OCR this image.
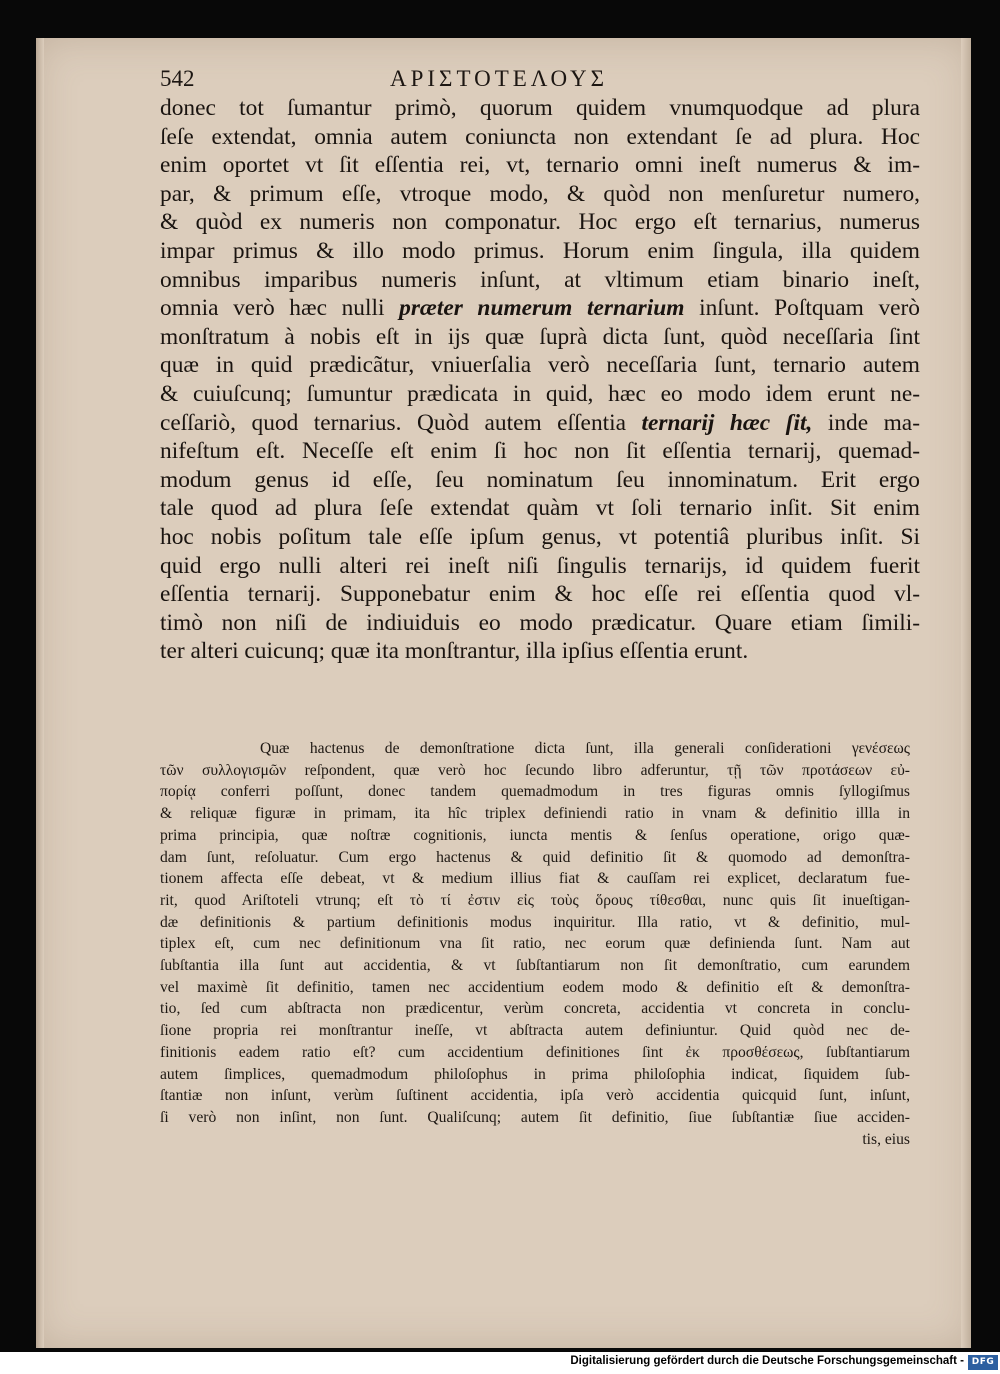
542	ΑΡΙΣΤΟΤΕΛΟΥΣ
donec tot ſumantur primò, quorum quidem vnumquodque ad plura
ſeſe extendat, omnia autem coniuncta non extendant ſe ad plura. Hoc
enim oportet vt ſit eſſentia rei, vt, ternario omni ineſt numerus & im-
par, & primum eſſe, vtroque modo, & quòd non menſuretur numero,
& quòd ex numeris non componatur. Hoc ergo eſt ternarius, numerus
impar primus & illo modo primus. Horum enim ſingula, illa quidem
omnibus imparibus numeris inſunt, at vltimum etiam binario ineſt,
omnia verò hæc nulli præter numerum ternarium inſunt. Poſtquam verò
monſtratum à nobis eſt in ijs quæ ſuprà dicta ſunt, quòd neceſſaria ſint
quæ in quid prædicãtur, vniuerſalia verò neceſſaria ſunt, ternario autem
& cuiuſcunq; ſumuntur prædicata in quid, hæc eo modo idem erunt ne-
ceſſariò, quod ternarius. Quòd autem eſſentia ternarij hæc ſit, inde ma-
nifeſtum eſt. Neceſſe eſt enim ſi hoc non ſit eſſentia ternarij, quemad-
modum genus id eſſe, ſeu nominatum ſeu innominatum. Erit ergo
tale quod ad plura ſeſe extendat quàm vt ſoli ternario inſit. Sit enim
hoc nobis poſitum tale eſſe ipſum genus, vt potentiâ pluribus inſit. Si
quid ergo nulli alteri rei ineſt niſi ſingulis ternarijs, id quidem fuerit
eſſentia ternarij. Supponebatur enim & hoc eſſe rei eſſentia quod vl-
timò non niſi de indiuiduis eo modo prædicatur. Quare etiam ſimili-
ter alteri cuicunq; quæ ita monſtrantur, illa ipſius eſſentia erunt.
Quæ hactenus de demonſtratione dicta ſunt, illa generali conſiderationi γενέσεως
τῶν συλλογισμῶν reſpondent, quæ verò hoc ſecundo libro adferuntur, τῇ τῶν προτάσεων εὐ-
πορίᾳ conferri poſſunt, donec tandem quemadmodum in tres figuras omnis ſyllogiſmus
& reliquæ figuræ in primam, ita hîc triplex definiendi ratio in vnam & definitio illla in
prima principia, quæ noſtræ cognitionis, iuncta mentis & ſenſus operatione, origo quæ-
dam ſunt, reſoluatur. Cum ergo hactenus & quid definitio ſit & quomodo ad demonſtra-
tionem affecta eſſe debeat, vt & medium illius fiat & cauſſam rei explicet, declaratum fue-
rit, quod Ariſtoteli vtrunq; eſt τὸ τί ἐστιν εἰς τοὺς ὅρους τίθεσθαι, nunc quis ſit inueſtigan-
dæ definitionis & partium definitionis modus inquiritur. Illa ratio, vt & definitio, mul-
tiplex eſt, cum nec definitionum vna ſit ratio, nec eorum quæ definienda ſunt. Nam aut
ſubſtantia illa ſunt aut accidentia, & vt ſubſtantiarum non ſit demonſtratio, cum earundem
vel maximè ſit definitio, tamen nec accidentium eodem modo & definitio eſt & demonſtra-
tio, ſed cum abſtracta non prædicentur, verùm concreta, accidentia vt concreta in conclu-
ſione propria rei monſtrantur ineſſe, vt abſtracta autem definiuntur. Quid quòd nec de-
finitionis eadem ratio eſt? cum accidentium definitiones ſint ἐκ προσθέσεως, ſubſtantiarum
autem ſimplices, quemadmodum philoſophus in prima philoſophia indicat, ſiquidem ſub-
ſtantiæ non inſunt, verùm ſuſtinent accidentia, ipſa verò accidentia quicquid ſunt, inſunt,
ſi verò non inſint, non ſunt. Qualiſcunq; autem ſit definitio, ſiue ſubſtantiæ ſiue acciden-
tis, eius
Digitalisierung gefördert durch die Deutsche Forschungsgemeinschaft - DFG
